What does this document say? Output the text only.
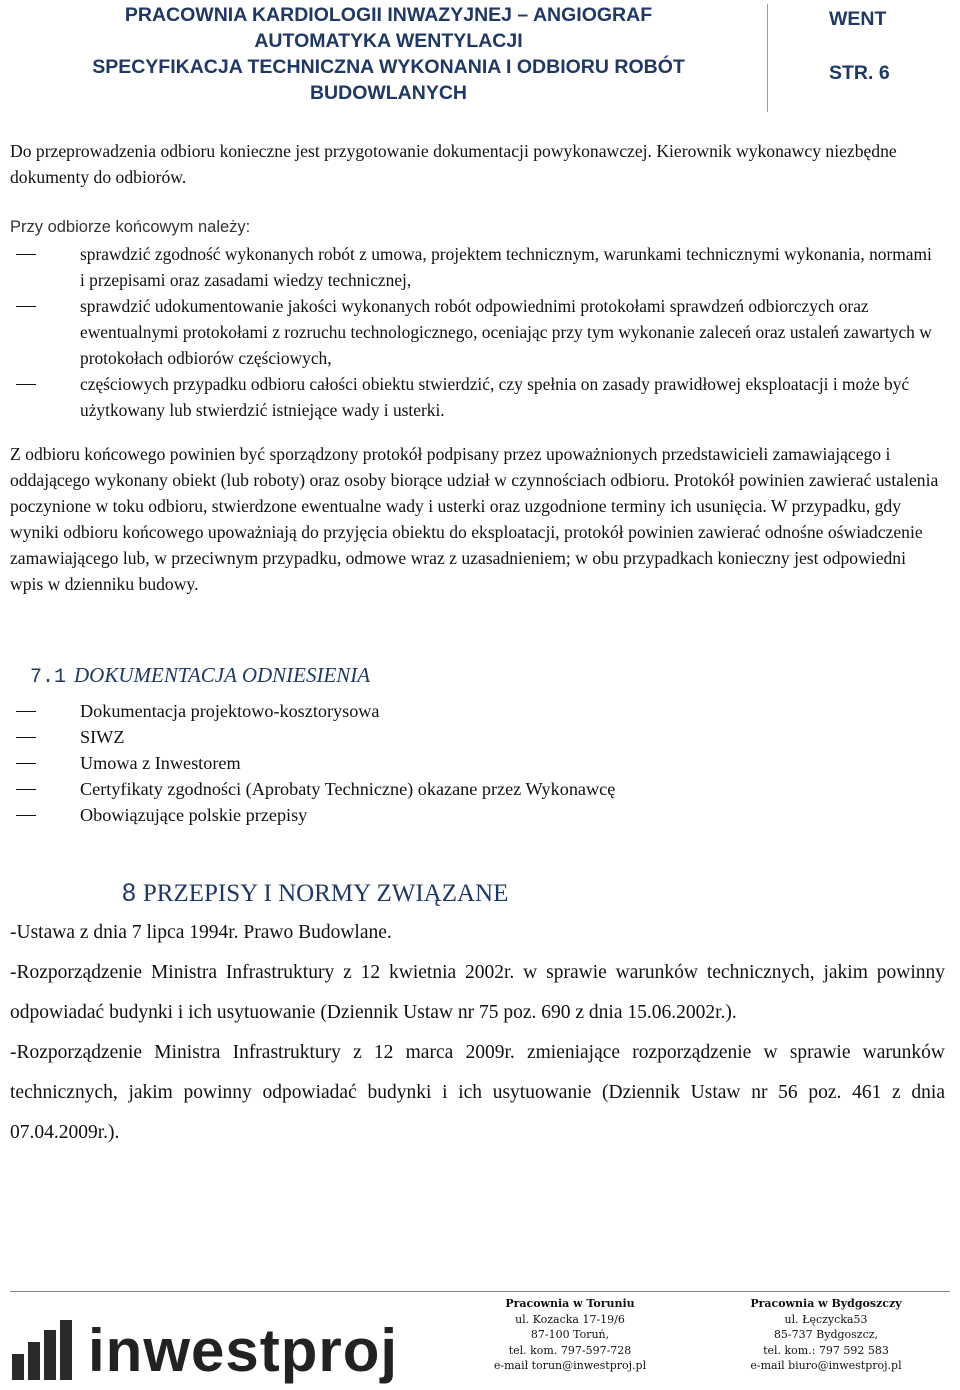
PRACOWNIA KARDIOLOGII INWAZYJNEJ – ANGIOGRAF
AUTOMATYKA WENTYLACJI
SPECYFIKACJA TECHNICZNA WYKONANIA I ODBIORU ROBÓT
BUDOWLANYCH
WENT
STR. 6
Do przeprowadzenia odbioru konieczne jest przygotowanie dokumentacji powykonawczej. Kierownik wykonawcy niezbędne dokumenty do odbiorów.
Przy odbiorze końcowym należy:
sprawdzić zgodność wykonanych robót z umowa, projektem technicznym, warunkami technicznymi wykonania, normami i przepisami oraz zasadami wiedzy technicznej,
sprawdzić udokumentowanie jakości wykonanych robót odpowiednimi protokołami sprawdzeń odbiorczych oraz ewentualnymi protokołami z rozruchu technologicznego, oceniając przy tym wykonanie zaleceń oraz ustaleń zawartych w protokołach odbiorów częściowych,
częściowych przypadku odbioru całości obiektu stwierdzić, czy spełnia on zasady prawidłowej eksploatacji i może być użytkowany lub stwierdzić istniejące wady i usterki.
Z odbioru końcowego powinien być sporządzony protokół podpisany przez upoważnionych przedstawicieli zamawiającego i oddającego wykonany obiekt (lub roboty) oraz osoby biorące udział w czynnościach odbioru. Protokół powinien zawierać ustalenia poczynione w toku odbioru, stwierdzone ewentualne wady i usterki oraz uzgodnione terminy ich usunięcia. W przypadku, gdy wyniki odbioru końcowego upoważniają do przyjęcia obiektu do eksploatacji, protokół powinien zawierać odnośne oświadczenie zamawiającego lub, w przeciwnym przypadku, odmowe wraz z uzasadnieniem; w obu przypadkach konieczny jest odpowiedni wpis w dzienniku budowy.
7.1 DOKUMENTACJA ODNIESIENIA
Dokumentacja projektowo-kosztorysowa
SIWZ
Umowa z Inwestorem
Certyfikaty zgodności (Aprobaty Techniczne) okazane przez Wykonawcę
Obowiązujące polskie przepisy
8 PRZEPISY I NORMY ZWIĄZANE

-Ustawa z dnia 7 lipca 1994r. Prawo Budowlane.

-Rozporządzenie Ministra Infrastruktury z 12 kwietnia 2002r. w sprawie warunków technicznych, jakim powinny odpowiadać budynki i ich usytuowanie (Dziennik Ustaw nr 75 poz. 690 z dnia 15.06.2002r.).

-Rozporządzenie Ministra Infrastruktury z 12 marca 2009r. zmieniające rozporządzenie w sprawie warunków technicznych, jakim powinny odpowiadać budynki i ich usytuowanie (Dziennik Ustaw nr 56 poz. 461 z dnia 07.04.2009r.).

inwestproj
Pracownia w Toruniu
ul. Kozacka 17-19/6
87-100 Toruń,
tel. kom. 797-597-728
e-mail torun@inwestproj.pl
Pracownia w Bydgoszczy
ul. Łęczycka53
85-737 Bydgoszcz,
tel. kom.: 797 592 583
e-mail biuro@inwestproj.pl
